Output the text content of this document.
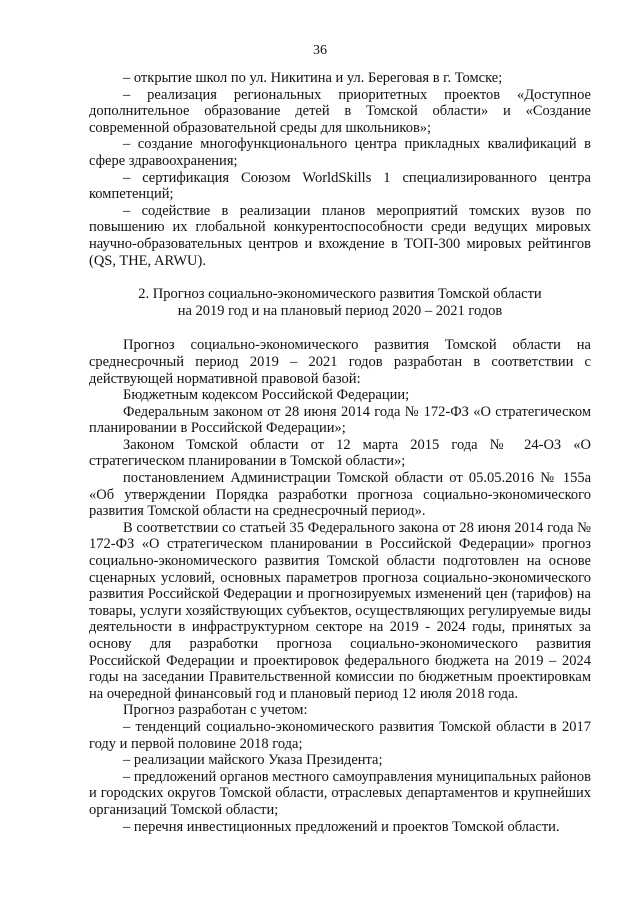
36

– открытие школ по ул. Никитина и ул. Береговая в г. Томске;

– реализация региональных приоритетных проектов «Доступное дополнительное образование детей в Томской области» и «Создание современной образовательной среды для школьников»;

– создание многофункционального центра прикладных квалификаций в сфере здравоохранения;

– сертификация Союзом WorldSkills 1 специализированного центра компетенций;

– содействие в реализации планов мероприятий томских вузов по повышению их глобальной конкурентоспособности среди ведущих мировых научно-образовательных центров и вхождение в ТОП-300 мировых рейтингов (QS, THE, ARWU).

2. Прогноз социально-экономического развития Томской области
на 2019 год и на плановый период 2020 – 2021 годов

Прогноз социально-экономического развития Томской области на среднесрочный период 2019 – 2021 годов разработан в соответствии с действующей нормативной правовой базой:

Бюджетным кодексом Российской Федерации;

Федеральным законом от 28 июня 2014 года № 172-ФЗ «О стратегическом планировании в Российской Федерации»;

Законом Томской области от 12 марта 2015 года № 24-ОЗ «О стратегическом планировании в Томской области»;

постановлением Администрации Томской области от 05.05.2016 № 155а «Об утверждении Порядка разработки прогноза социально-экономического развития Томской области на среднесрочный период».

В соответствии со статьей 35 Федерального закона от 28 июня 2014 года № 172-ФЗ «О стратегическом планировании в Российской Федерации» прогноз социально-экономического развития Томской области подготовлен на основе сценарных условий, основных параметров прогноза социально-экономического развития Российской Федерации и прогнозируемых изменений цен (тарифов) на товары, услуги хозяйствующих субъектов, осуществляющих регулируемые виды деятельности в инфраструктурном секторе на 2019 - 2024 годы, принятых за основу для разработки прогноза социально-экономического развития Российской Федерации и проектировок федерального бюджета на 2019 – 2024 годы на заседании Правительственной комиссии по бюджетным проектировкам на очередной финансовый год и плановый период 12 июля 2018 года.

Прогноз разработан с учетом:

– тенденций социально-экономического развития Томской области в 2017 году и первой половине 2018 года;

– реализации майского Указа Президента;

– предложений органов местного самоуправления муниципальных районов и городских округов Томской области, отраслевых департаментов и крупнейших организаций Томской области;

– перечня инвестиционных предложений и проектов Томской области.
